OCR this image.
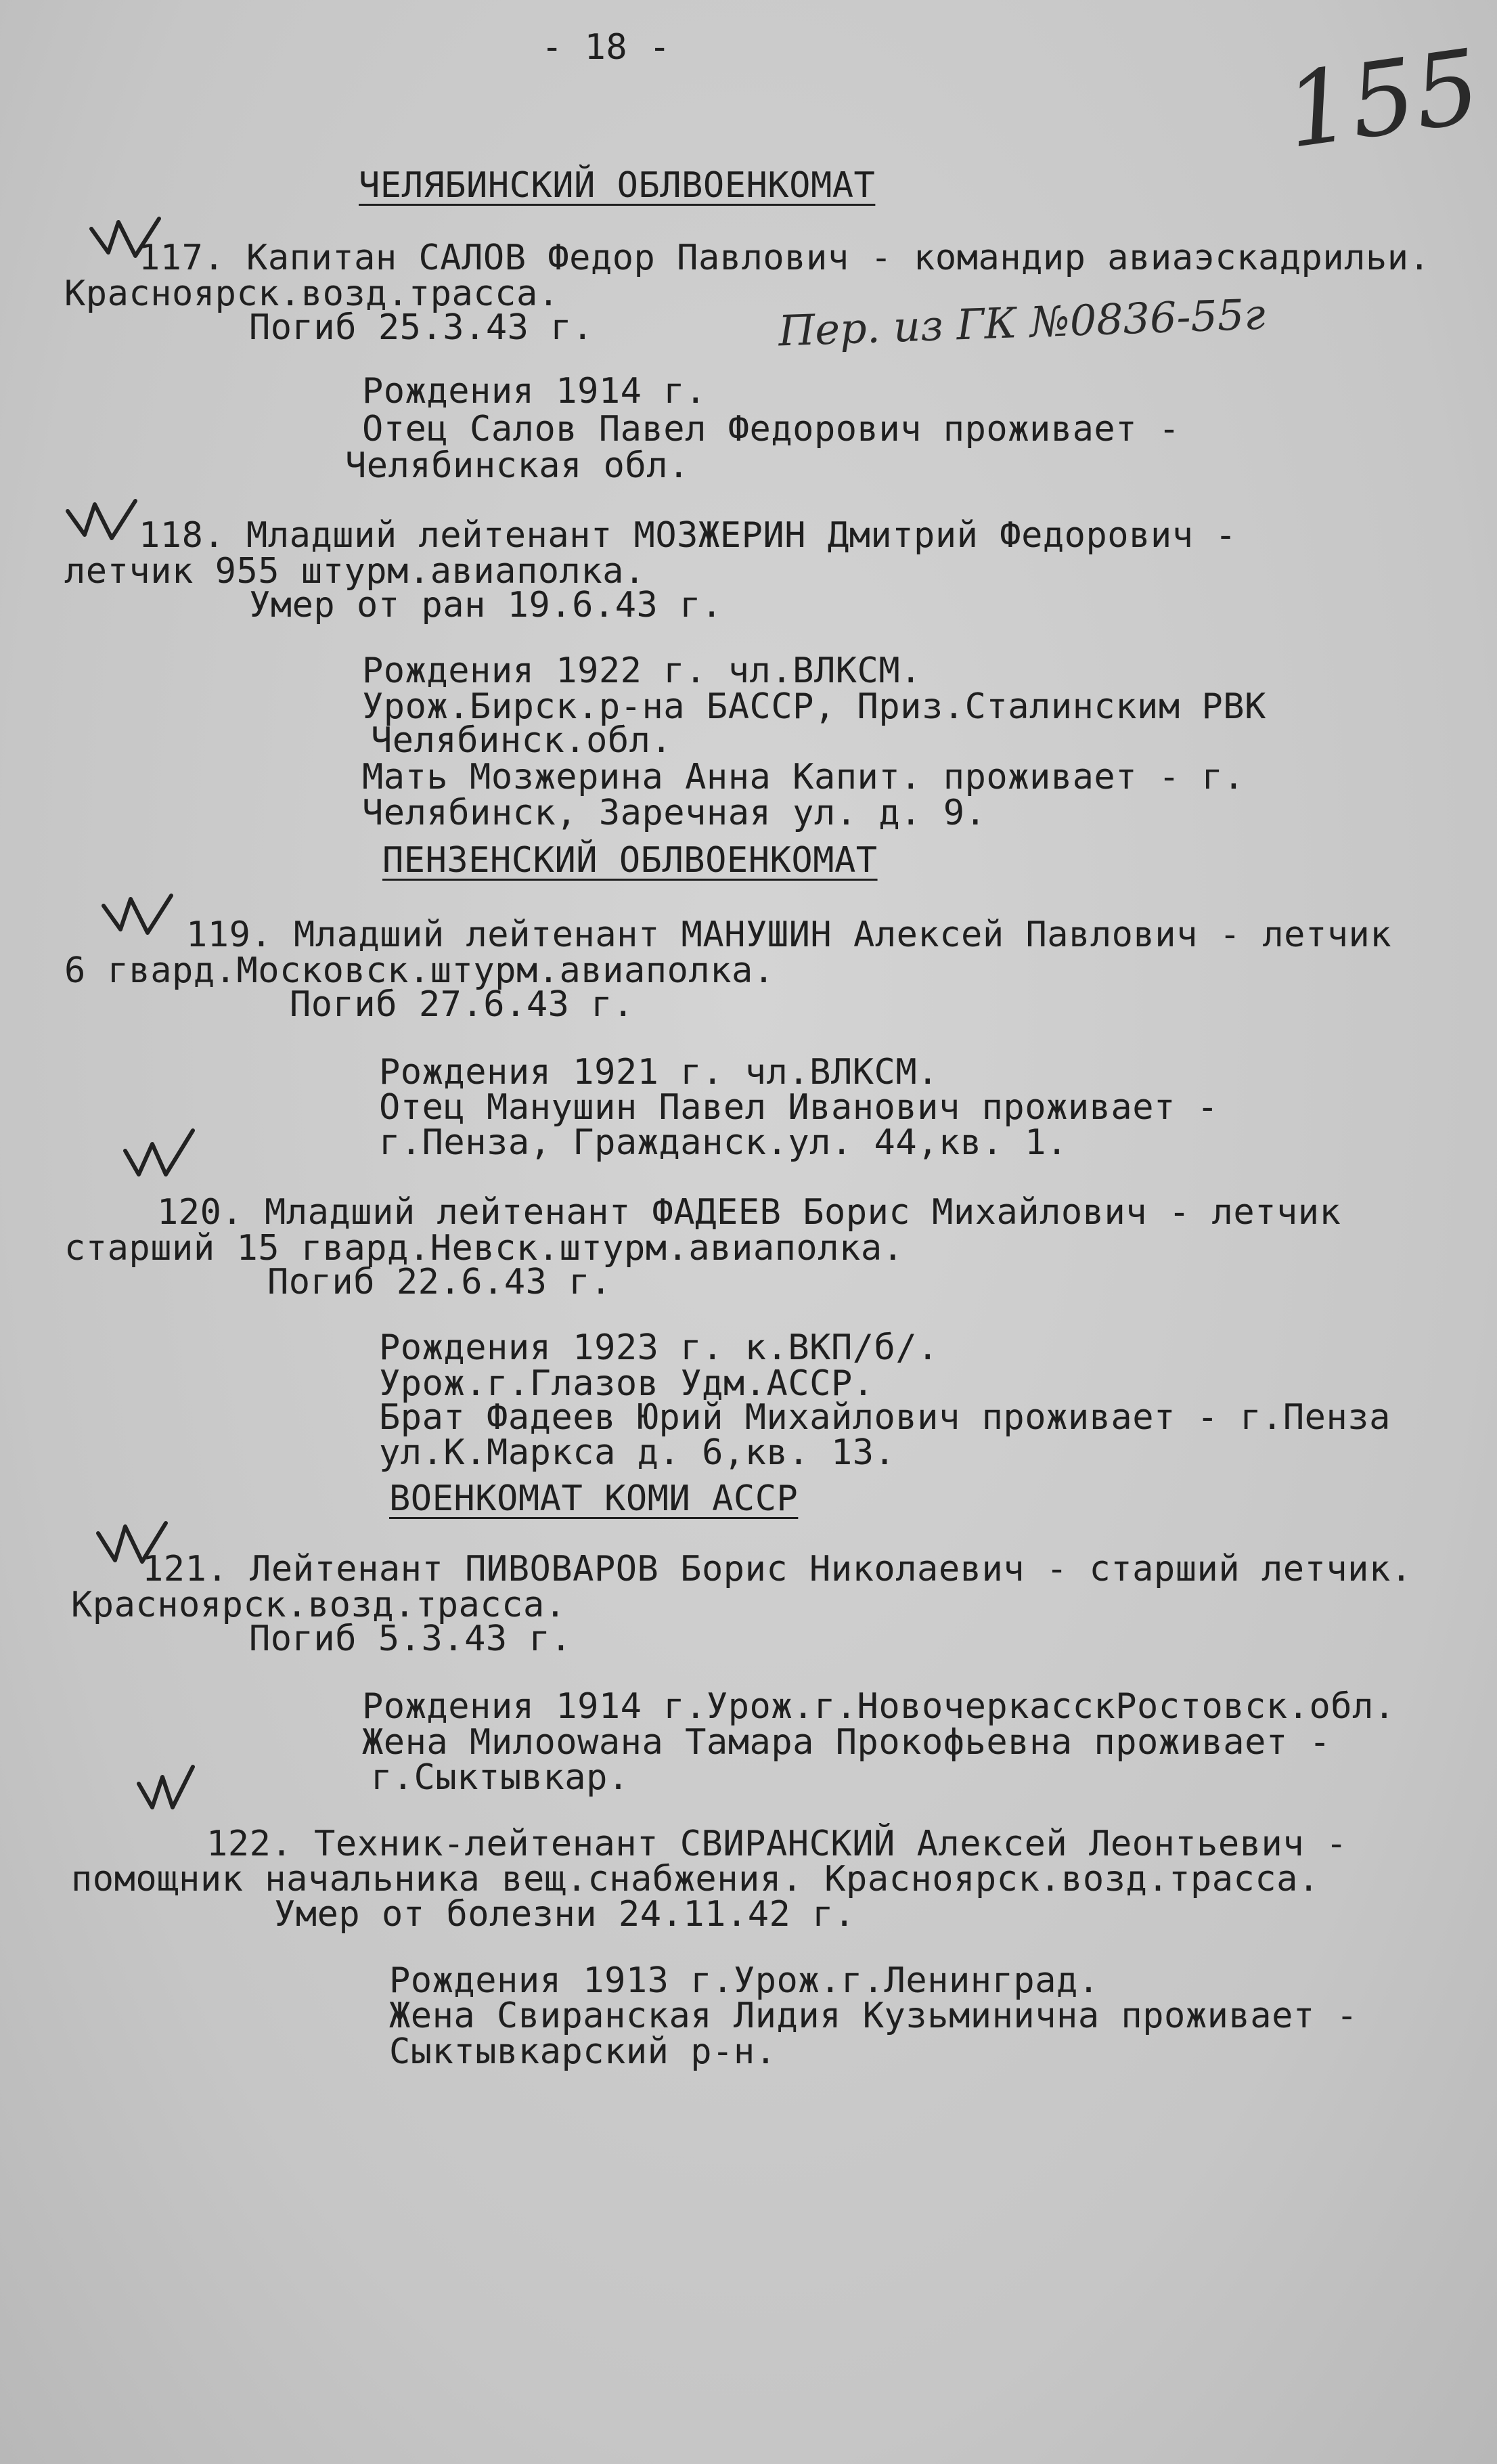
- 18 -	155
ЧЕЛЯБИНСКИЙ ОБЛВОЕНКОМАТ
117. Капитан САЛОВ Федор Павлович - командир авиаэскадрильи.
Красноярск.возд.трасса.
Погиб 25.3.43 г.	Пер. из ГК №0836-55г
Рождения 1914 г.
Отец Салов Павел Федорович проживает -
Челябинская обл.
118. Младший лейтенант МОЗЖЕРИН Дмитрий Федорович -
летчик 955 штурм.авиаполка.
Умер от ран 19.6.43 г.
Рождения 1922 г. чл.ВЛКСМ.
Урож.Бирск.р-на БАССР, Приз.Сталинским РВК
Челябинск.обл.
Мать Мозжерина Анна Капит. проживает - г.
Челябинск, Заречная ул. д. 9.
ПЕНЗЕНСКИЙ ОБЛВОЕНКОМАТ
119. Младший лейтенант МАНУШИН Алексей Павлович - летчик
6 гвард.Московск.штурм.авиаполка.
Погиб 27.6.43 г.
Рождения 1921 г. чл.ВЛКСМ.
Отец Манушин Павел Иванович проживает -
г.Пенза, Гражданск.ул. 44,кв. 1.
120. Младший лейтенант ФАДЕЕВ Борис Михайлович - летчик
старший 15 гвард.Невск.штурм.авиаполка.
Погиб 22.6.43 г.
Рождения 1923 г. к.ВКП/б/.
Урож.г.Глазов Удм.АССР.
Брат Фадеев Юрий Михайлович проживает - г.Пенза
ул.К.Маркса д. 6,кв. 13.
ВОЕНКОМАТ КОМИ АССР
121. Лейтенант ПИВОВАРОВ Борис Николаевич - старший летчик.
Красноярск.возд.трасса.
Погиб 5.3.43 г.
Рождения 1914 г.Урож.г.НовочеркасскРостовск.обл.
Жена Милоowана Тамара Прокофьевна проживает -
г.Сыктывкар.
122. Техник-лейтенант СВИРАНСКИЙ Алексей Леонтьевич -
помощник начальника вещ.снабжения. Красноярск.возд.трасса.
Умер от болезни 24.11.42 г.
Рождения 1913 г.Урож.г.Ленинград.
Жена Свиранская Лидия Кузьминична проживает -
Сыктывкарский р-н.
